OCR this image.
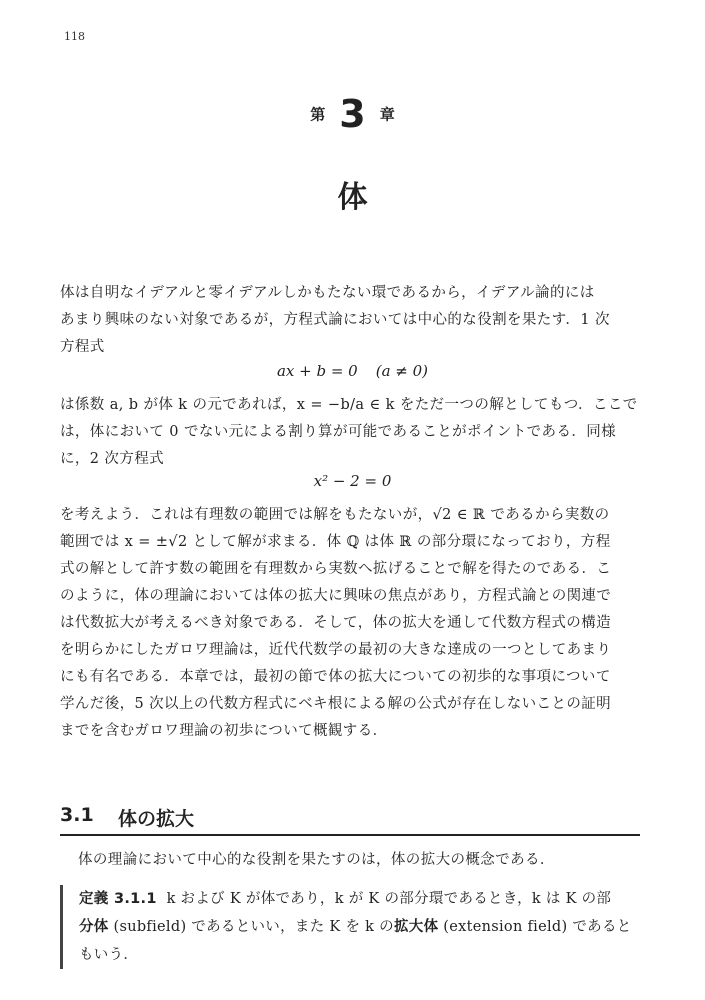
118
第 3 章
体
体は自明なイデアルと零イデアルしかもたない環であるから，イデアル論的には
あまり興味のない対象であるが，方程式論においては中心的な役割を果たす．1 次
方程式
ax + b = 0 (a ≠ 0)
は係数 a, b が体 k の元であれば，x = −b/a ∈ k をただ一つの解としてもつ．ここで
は，体において 0 でない元による割り算が可能であることがポイントである．同様
に，2 次方程式
x² − 2 = 0
を考えよう．これは有理数の範囲では解をもたないが，√2 ∈ ℝ であるから実数の
範囲では x = ±√2 として解が求まる．体 ℚ は体 ℝ の部分環になっており，方程
式の解として許す数の範囲を有理数から実数へ拡げることで解を得たのである．こ
のように，体の理論においては体の拡大に興味の焦点があり，方程式論との関連で
は代数拡大が考えるべき対象である．そして，体の拡大を通して代数方程式の構造
を明らかにしたガロワ理論は，近代代数学の最初の大きな達成の一つとしてあまり
にも有名である．本章では，最初の節で体の拡大についての初歩的な事項について
学んだ後，5 次以上の代数方程式にベキ根による解の公式が存在しないことの証明
までを含むガロワ理論の初歩について概観する．
3.1 体の拡大
体の理論において中心的な役割を果たすのは，体の拡大の概念である．
定義 3.1.1 k および K が体であり，k が K の部分環であるとき，k は K の部
分体 (subfield) であるといい，また K を k の拡大体 (extension field) であると
もいう．
